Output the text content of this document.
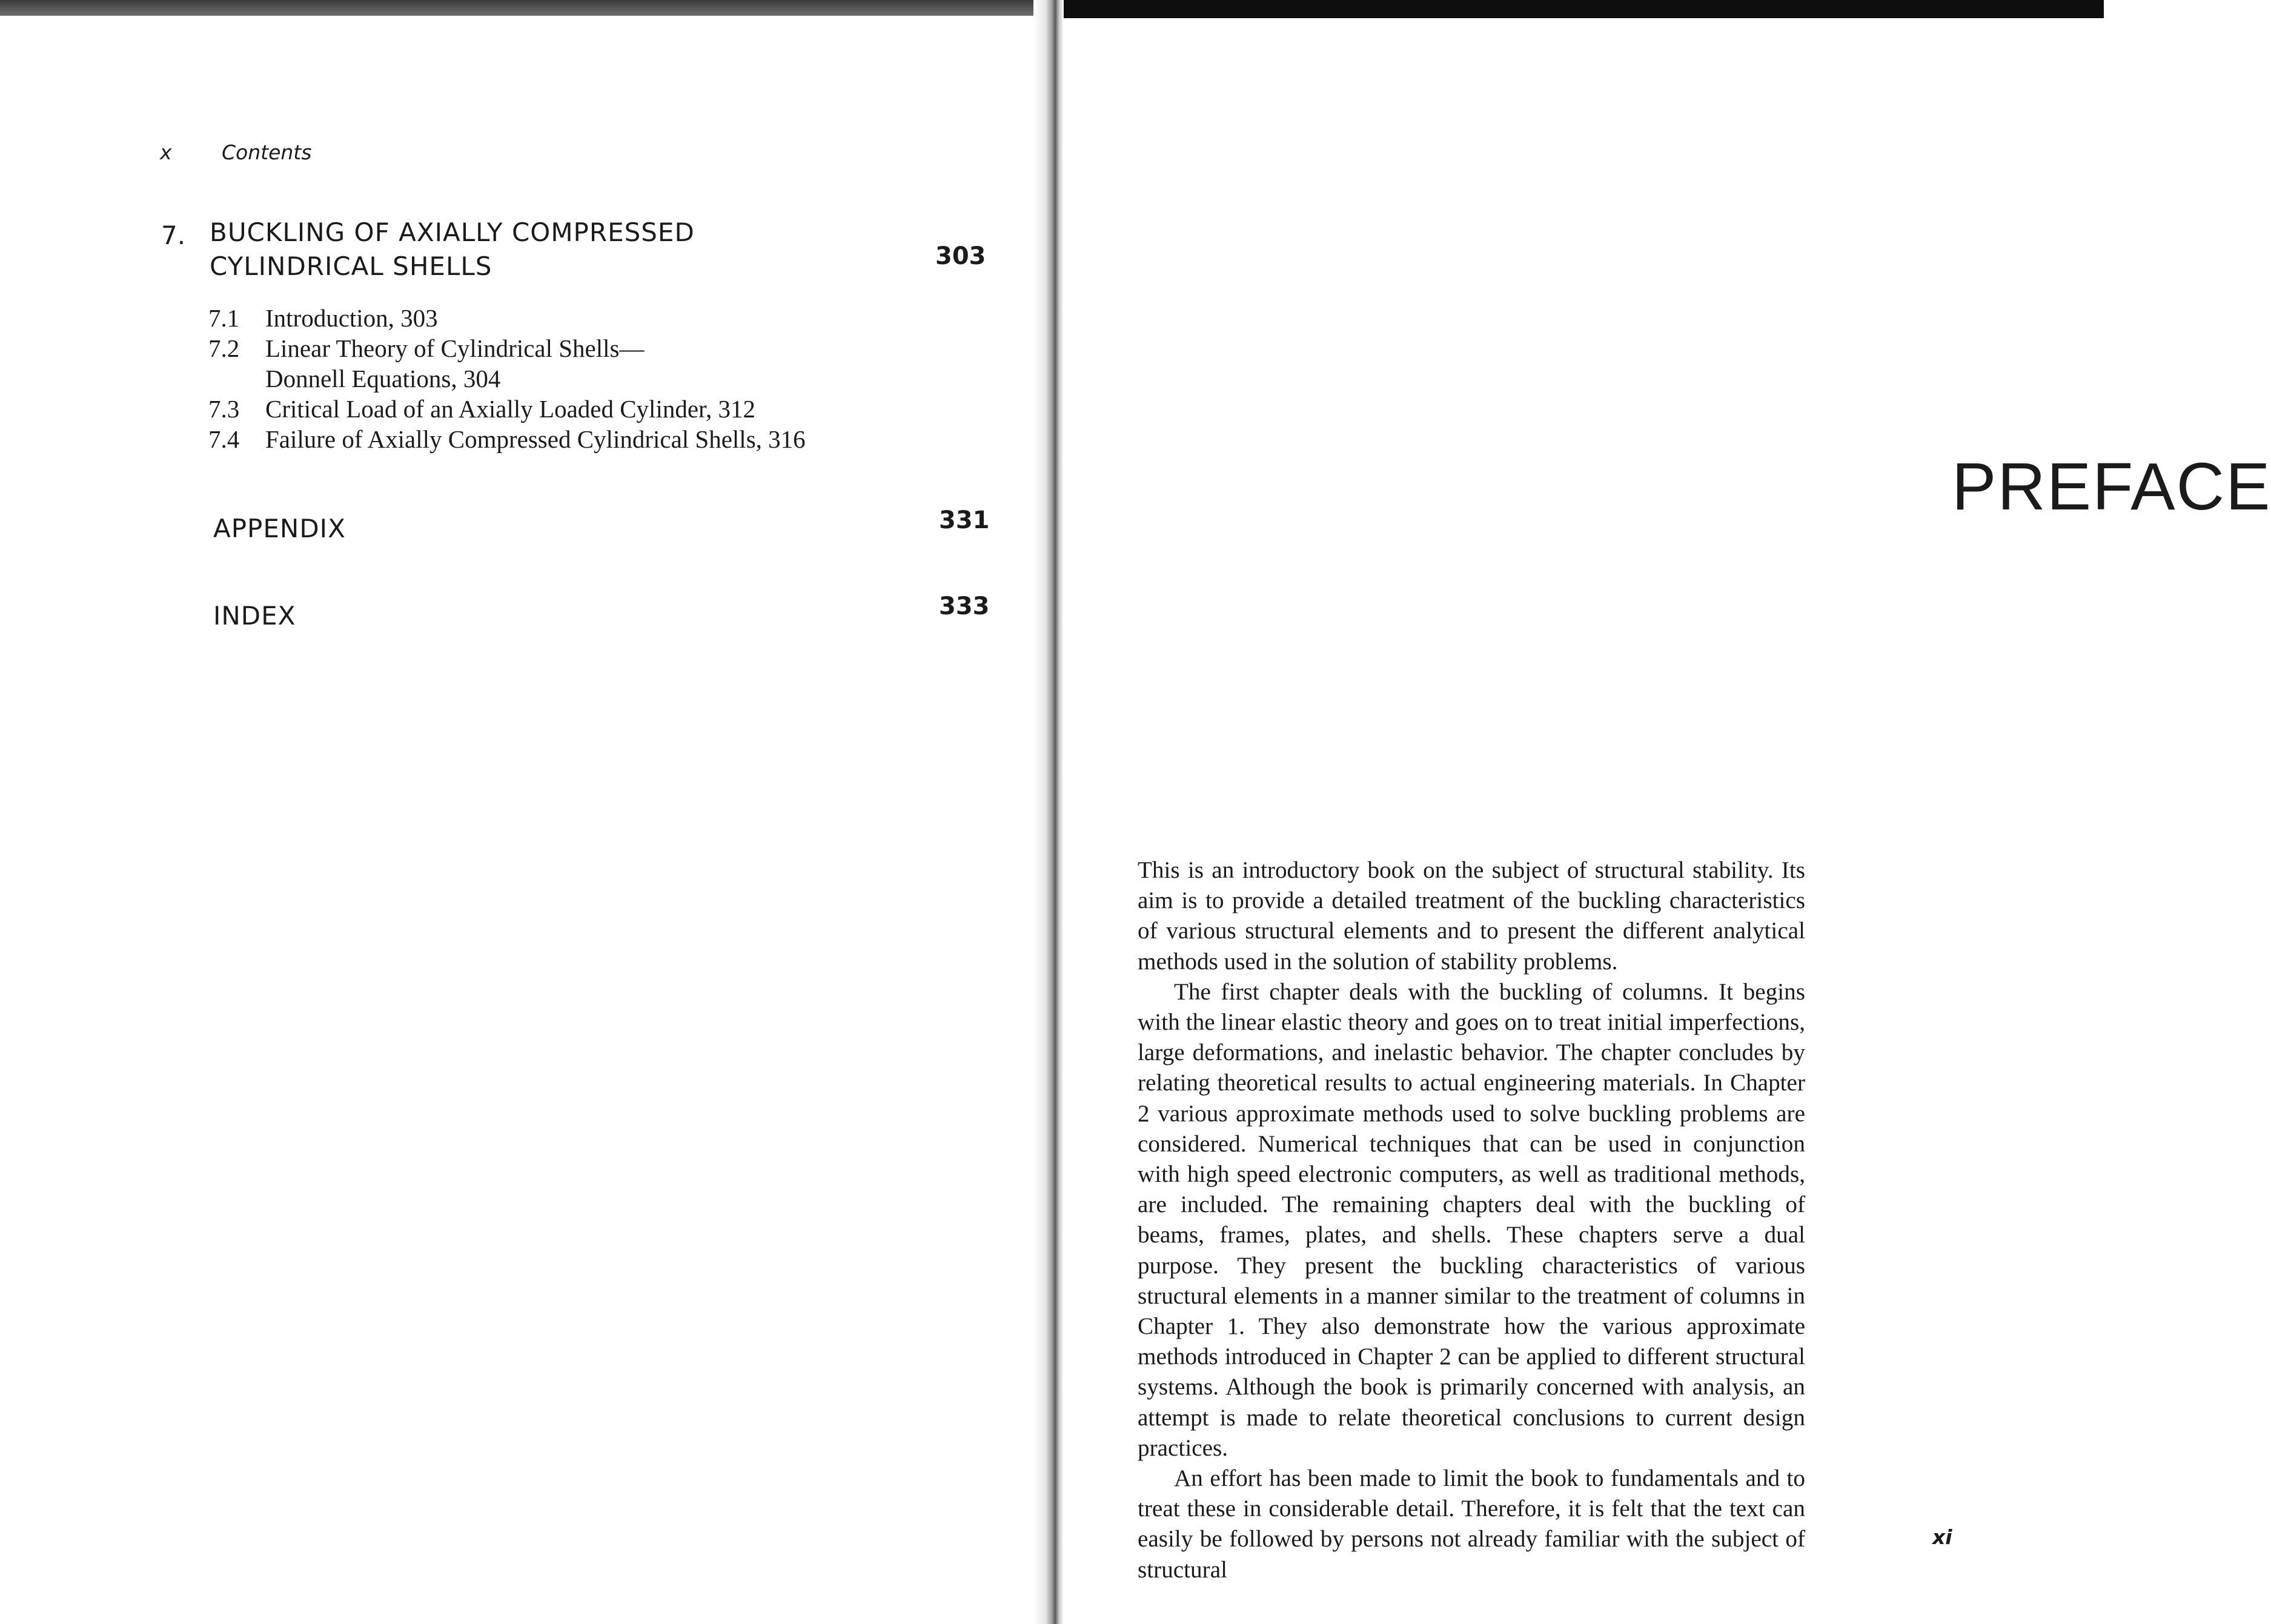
x Contents
7. BUCKLING OF AXIALLY COMPRESSED
CYLINDRICAL SHELLS	303
7.1	Introduction, 303
7.2	Linear Theory of Cylindrical Shells—
Donnell Equations, 304
7.3	Critical Load of an Axially Loaded Cylinder, 312
7.4	Failure of Axially Compressed Cylindrical Shells, 316
APPENDIX	331
INDEX	333
PREFACE

This is an introductory book on the subject of structural stability. Its aim is to provide a detailed treatment of the buckling characteristics of various structural elements and to present the different analytical methods used in the solution of stability problems.

The first chapter deals with the buckling of columns. It begins with the linear elastic theory and goes on to treat initial imperfections, large deformations, and inelastic behavior. The chapter concludes by relating theoretical results to actual engineering materials. In Chapter 2 various approximate methods used to solve buckling problems are considered. Numerical techniques that can be used in conjunction with high speed electronic computers, as well as traditional methods, are included. The remaining chapters deal with the buckling of beams, frames, plates, and shells. These chapters serve a dual purpose. They present the buckling characteristics of various structural elements in a manner similar to the treatment of columns in Chapter 1. They also demonstrate how the various approximate methods introduced in Chapter 2 can be applied to different structural systems. Although the book is primarily concerned with analysis, an attempt is made to relate theoretical conclusions to current design practices.

An effort has been made to limit the book to fundamentals and to treat these in considerable detail. Therefore, it is felt that the text can easily be followed by persons not already familiar with the subject of structural

xi
